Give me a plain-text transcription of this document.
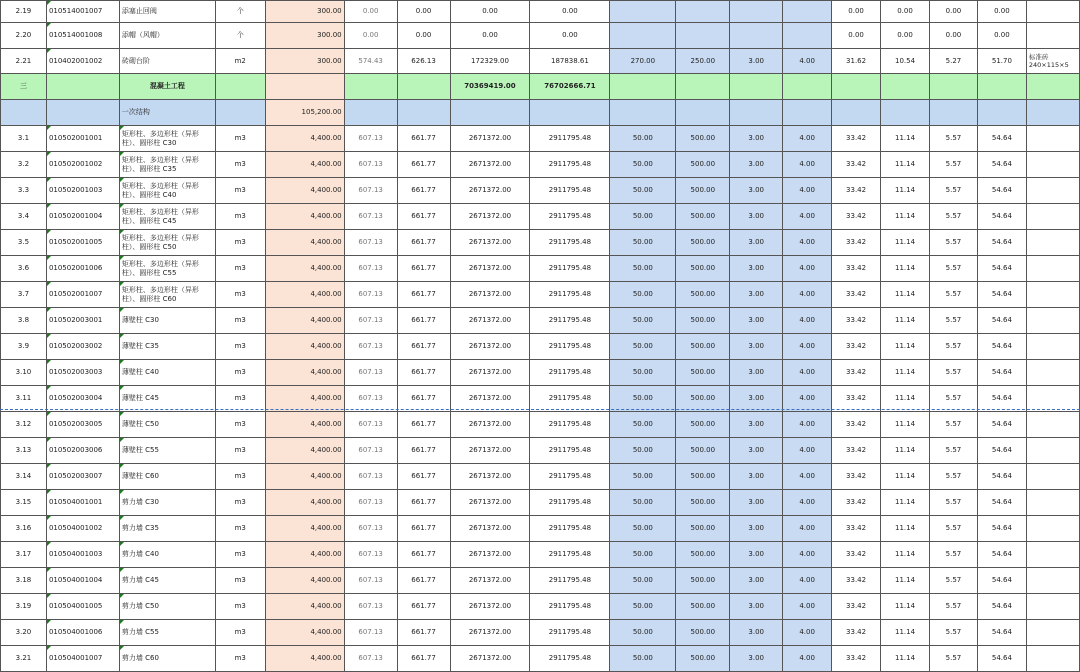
2.19	010514001007	添塞止回阀	个	300.00	0.00	0.00	0.00	0.00					0.00	0.00	0.00	0.00	
2.20	010514001008	添帽（风帽）	个	300.00	0.00	0.00	0.00	0.00					0.00	0.00	0.00	0.00	
2.21	010402001002	砖砌台阶	m2	300.00	574.43	626.13	172329.00	187838.61	270.00	250.00	3.00	4.00	31.62	10.54	5.27	51.70	标准砖 240×115×5
三		混凝土工程					70369419.00	76702666.71									
		一次结构		105,200.00													
3.1	010502001001	矩形柱、多边形柱（异形柱）、圆形柱 C30	m3	4,400.00	607.13	661.77	2671372.00	2911795.48	50.00	500.00	3.00	4.00	33.42	11.14	5.57	54.64	
3.2	010502001002	矩形柱、多边形柱（异形柱）、圆形柱 C35	m3	4,400.00	607.13	661.77	2671372.00	2911795.48	50.00	500.00	3.00	4.00	33.42	11.14	5.57	54.64	
3.3	010502001003	矩形柱、多边形柱（异形柱）、圆形柱 C40	m3	4,400.00	607.13	661.77	2671372.00	2911795.48	50.00	500.00	3.00	4.00	33.42	11.14	5.57	54.64	
3.4	010502001004	矩形柱、多边形柱（异形柱）、圆形柱 C45	m3	4,400.00	607.13	661.77	2671372.00	2911795.48	50.00	500.00	3.00	4.00	33.42	11.14	5.57	54.64	
3.5	010502001005	矩形柱、多边形柱（异形柱）、圆形柱 C50	m3	4,400.00	607.13	661.77	2671372.00	2911795.48	50.00	500.00	3.00	4.00	33.42	11.14	5.57	54.64	
3.6	010502001006	矩形柱、多边形柱（异形柱）、圆形柱 C55	m3	4,400.00	607.13	661.77	2671372.00	2911795.48	50.00	500.00	3.00	4.00	33.42	11.14	5.57	54.64	
3.7	010502001007	矩形柱、多边形柱（异形柱）、圆形柱 C60	m3	4,400.00	607.13	661.77	2671372.00	2911795.48	50.00	500.00	3.00	4.00	33.42	11.14	5.57	54.64	
3.8	010502003001	薄壁柱 C30	m3	4,400.00	607.13	661.77	2671372.00	2911795.48	50.00	500.00	3.00	4.00	33.42	11.14	5.57	54.64	
3.9	010502003002	薄壁柱 C35	m3	4,400.00	607.13	661.77	2671372.00	2911795.48	50.00	500.00	3.00	4.00	33.42	11.14	5.57	54.64	
3.10	010502003003	薄壁柱 C40	m3	4,400.00	607.13	661.77	2671372.00	2911795.48	50.00	500.00	3.00	4.00	33.42	11.14	5.57	54.64	
3.11	010502003004	薄壁柱 C45	m3	4,400.00	607.13	661.77	2671372.00	2911795.48	50.00	500.00	3.00	4.00	33.42	11.14	5.57	54.64	
3.12	010502003005	薄壁柱 C50	m3	4,400.00	607.13	661.77	2671372.00	2911795.48	50.00	500.00	3.00	4.00	33.42	11.14	5.57	54.64	
3.13	010502003006	薄壁柱 C55	m3	4,400.00	607.13	661.77	2671372.00	2911795.48	50.00	500.00	3.00	4.00	33.42	11.14	5.57	54.64	
3.14	010502003007	薄壁柱 C60	m3	4,400.00	607.13	661.77	2671372.00	2911795.48	50.00	500.00	3.00	4.00	33.42	11.14	5.57	54.64	
3.15	010504001001	剪力墙 C30	m3	4,400.00	607.13	661.77	2671372.00	2911795.48	50.00	500.00	3.00	4.00	33.42	11.14	5.57	54.64	
3.16	010504001002	剪力墙 C35	m3	4,400.00	607.13	661.77	2671372.00	2911795.48	50.00	500.00	3.00	4.00	33.42	11.14	5.57	54.64	
3.17	010504001003	剪力墙 C40	m3	4,400.00	607.13	661.77	2671372.00	2911795.48	50.00	500.00	3.00	4.00	33.42	11.14	5.57	54.64	
3.18	010504001004	剪力墙 C45	m3	4,400.00	607.13	661.77	2671372.00	2911795.48	50.00	500.00	3.00	4.00	33.42	11.14	5.57	54.64	
3.19	010504001005	剪力墙 C50	m3	4,400.00	607.13	661.77	2671372.00	2911795.48	50.00	500.00	3.00	4.00	33.42	11.14	5.57	54.64	
3.20	010504001006	剪力墙 C55	m3	4,400.00	607.13	661.77	2671372.00	2911795.48	50.00	500.00	3.00	4.00	33.42	11.14	5.57	54.64	
3.21	010504001007	剪力墙 C60	m3	4,400.00	607.13	661.77	2671372.00	2911795.48	50.00	500.00	3.00	4.00	33.42	11.14	5.57	54.64	
